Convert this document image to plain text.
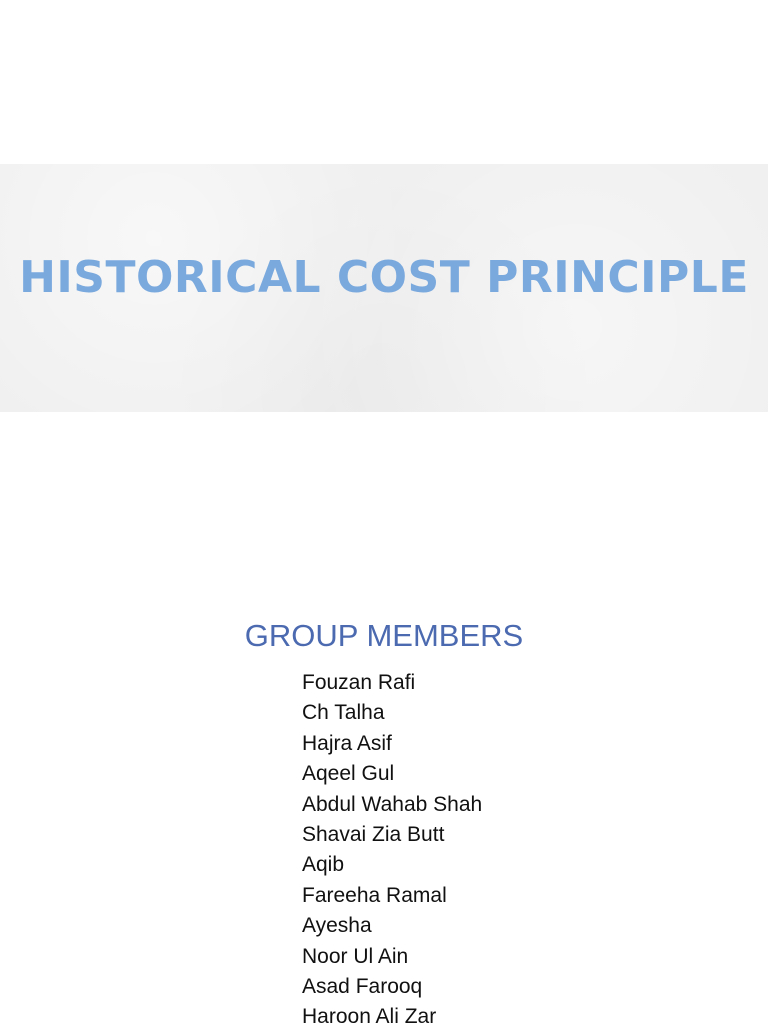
HISTORICAL COST PRINCIPLE
GROUP MEMBERS
Fouzan Rafi
Ch Talha
Hajra Asif
Aqeel Gul
Abdul Wahab Shah
Shavai Zia Butt
Aqib
Fareeha Ramal
Ayesha
Noor Ul Ain
Asad Farooq
Haroon Ali Zar
